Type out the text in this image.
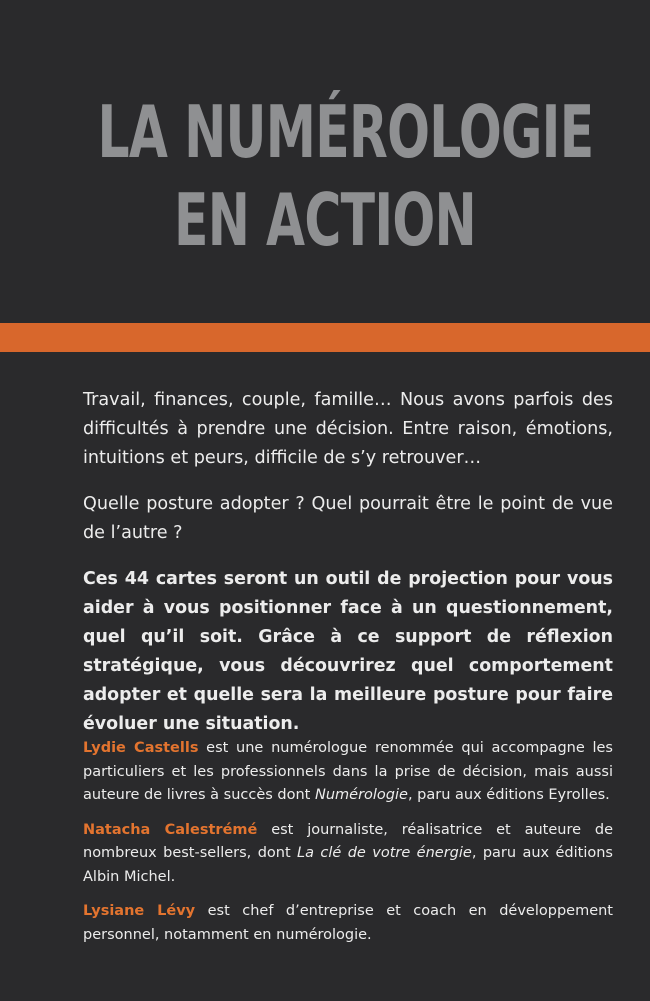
LA NUMÉROLOGIE
EN ACTION

Travail, finances, couple, famille… Nous avons parfois des difficultés à prendre une décision. Entre raison, émotions, intuitions et peurs, difficile de s’y retrouver…

Quelle posture adopter ? Quel pourrait être le point de vue de l’autre ?

Ces 44 cartes seront un outil de projection pour vous aider à vous positionner face à un questionnement, quel qu’il soit. Grâce à ce support de réflexion stratégique, vous découvrirez quel comportement adopter et quelle sera la meilleure posture pour faire évoluer une situation.

Lydie Castells est une numérologue renommée qui accompagne les particuliers et les professionnels dans la prise de décision, mais aussi auteure de livres à succès dont Numérologie, paru aux éditions Eyrolles.

Natacha Calestrémé est journaliste, réalisatrice et auteure de nombreux best-sellers, dont La clé de votre énergie, paru aux éditions Albin Michel.

Lysiane Lévy est chef d’entreprise et coach en développement personnel, notamment en numérologie.
